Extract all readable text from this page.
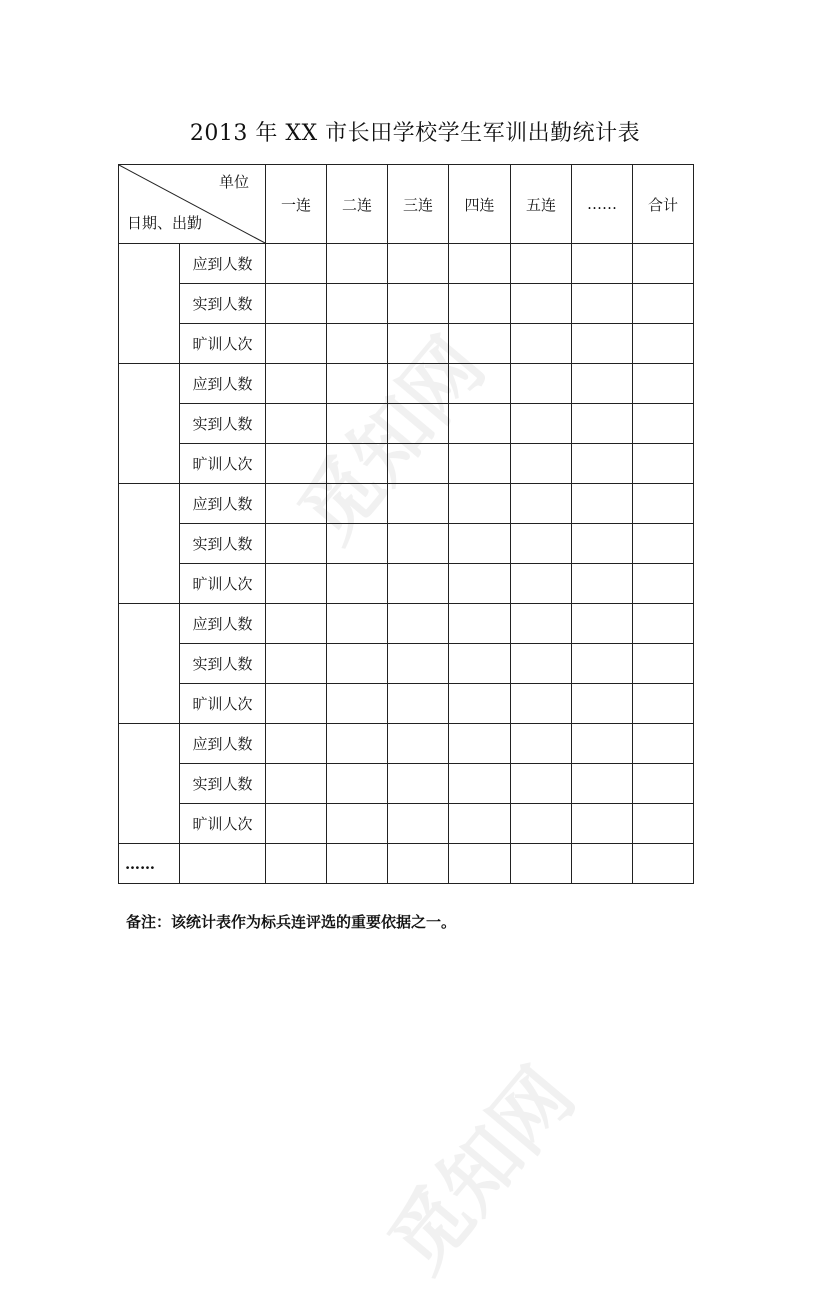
觅知网
觅知网
2013 年 XX 市长田学校学生军训出勤统计表
单位
日期、出勤		一连	二连	三连	四连	五连	……	合计
	应到人数							
	实到人数							
	旷训人次							
	应到人数							
	实到人数							
	旷训人次							
	应到人数							
	实到人数							
	旷训人次							
	应到人数							
	实到人数							
	旷训人次							
	应到人数							
	实到人数							
	旷训人次							
……								
备注：该统计表作为标兵连评选的重要依据之一。
